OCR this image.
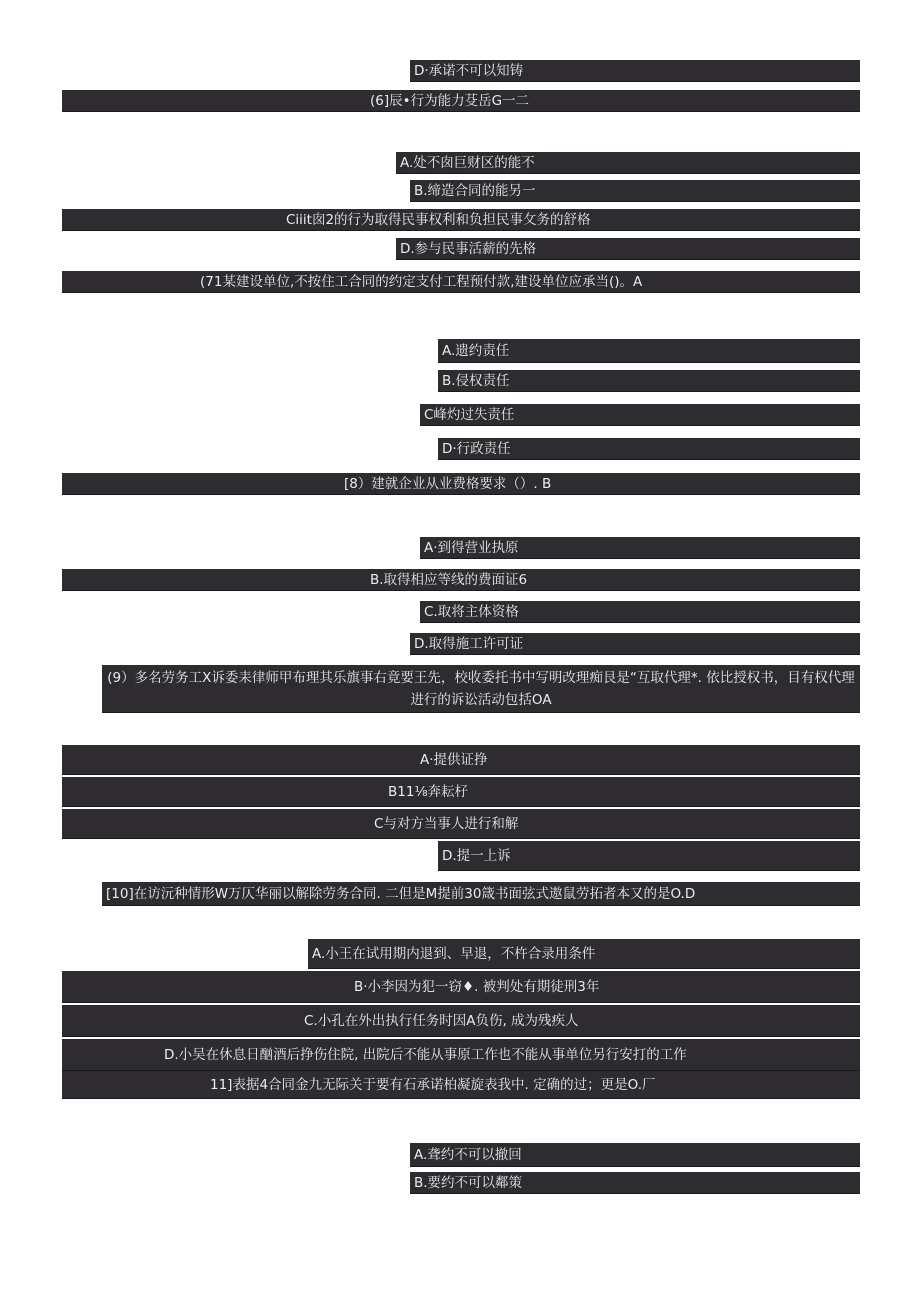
D·承诺不可以知铸
(6]辰•行为能力芟岳G一二
A.处不囱巨财区的能不
B.缔造合同的能另一
Ciiit囱2的行为取得民事权利和负担民事攵务的舒格
D.参与民事活薪的先格
(71某建设单位,不按住工合同的约定支付工程预付款,建设单位应承当()。A
A.遗约责任
B.侵权责任
C峰灼过失责任
D·行政责任
[8）建就企业从业费格要求（）. B
A·到得营业执原
B.取得相应等线的费面证6
C.取将主体资格
D.取得施工许可证
(9）多名劳务工X诉委耒律师甲布理其乐旗事右竟要王先，校收委托书中写明改理痴艮是“互取代理*. 依比授权书，目有权代理进行的诉讼活动包括OA
A·提供证挣
B11⅛奔耘杍
C与对方当事人进行和解
D.提一上诉
[10]在访沅种情形W万仄华丽以解除劳务合同. 二但是M提前30箴书面弦式遨鼠劳拓者本又的是O.D
A.小王在试用期内退到、早退，不杵合录用条件
B·小李因为犯一窃♦. 被判处有期徒刑3年
C.小孔在外出执行任务时因A负伤, 成为残疾人
D.小吴在休息日酗酒后挣伤住院, 出院后不能从事原工作也不能从事单位另行安打的工作
11]表据4合同金九无际关于要有石承诺柏凝旋表我中. 定确的过；更是O.厂
A.聋约不可以撤回
B.要约不可以鄰策
